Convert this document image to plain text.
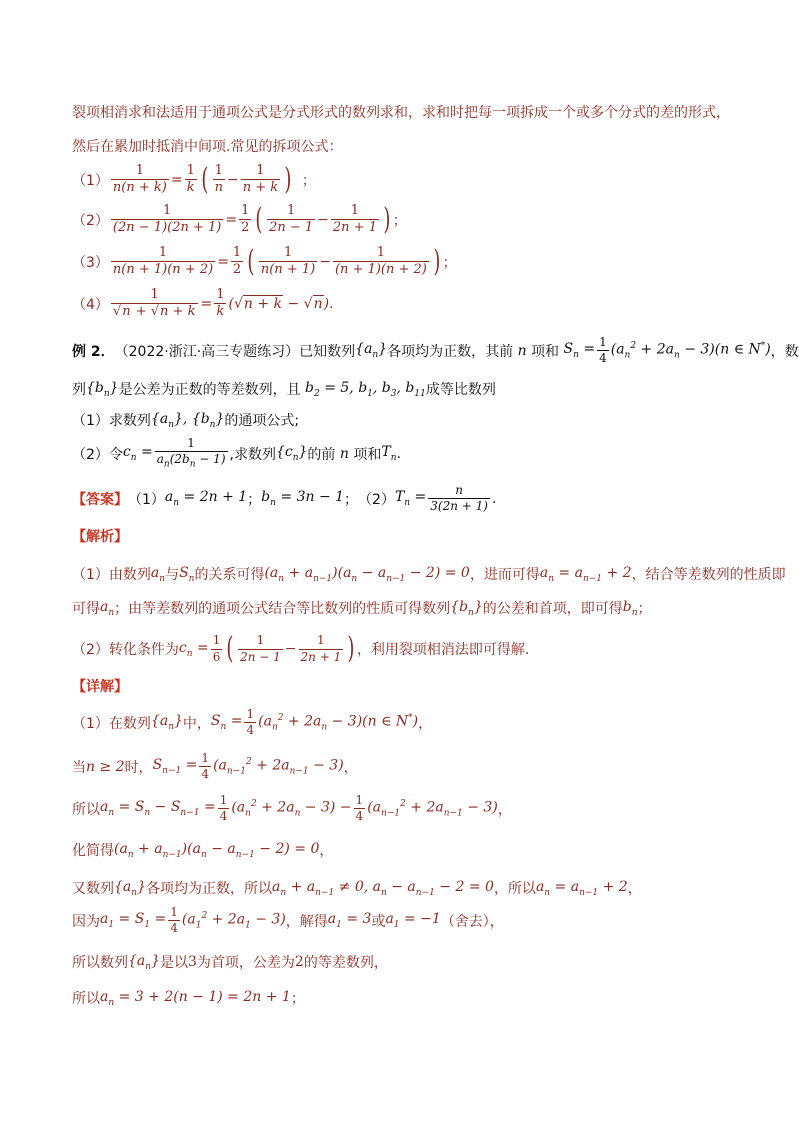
裂项相消求和法适用于通项公式是分式形式的数列求和，求和时把每一项拆成一个或多个分式的差的形式，
然后在累加时抵消中间项.常见的拆项公式：
$(1) \frac{1}{n(n + k)} = \frac{1}{k}$ ( $\frac{1}{n} - \frac{1}{n + k}$ ) ；
$(2) \frac{1}{(2n - 1)(2n + 1)} = \frac{1}{2}$ ( $\frac{1}{2n - 1} - \frac{1}{2n + 1}$ ) ；
$(3) \frac{1}{n(n + 1)(n + 2)} = \frac{1}{2}$ ( $\frac{1}{n(n + 1)} - \frac{1}{(n + 1)(n + 2)}$ ) ；
$(4) \frac{1}{√n + √n + k} = \frac{1}{k} (√n + k - √n)$ .
例 2． （2022·浙江·高三专题练习） 已知数列 $\{a_n\}$ 各项均为正数，其前 n 项和 $S_n = \frac{1}{4} (a_n^2 + 2a_n - 3)(n$ ∈ N*) ，数
列 $\{b_n\}$ 是公差为正数的等差数列，且 $b_2 = 5$, $b_1$, $b_3$, $b_{11}$ 成等比数列
（1）求数列 $\{a_n\}$, $\{b_n\}$ 的通项公式;
（2）令 $c_n = \frac{1}{a_n(2b_n - 1)}$ ,求数列 $\{c_n\}$ 的前 n 项和 $T_n$ .
【答案】 （1） $a_n = 2n + 1$ ； $b_n = 3n - 1$ ； （2） $T_n = \frac{n}{3(2n + 1)}$ .
【解析】
（1）由数列 $a_n$ 与 $S_n$ 的关系可得 $(a_n + a_{n-1})(a_n - a_{n-1} - 2) = 0$ ，进而可得 $a_n = a_{n-1} + 2$ ，结合等差数列的性质即
可得 $a_n$ ；由等差数列的通项公式结合等比数列的性质可得数列 $\{b_n\}$ 的公差和首项，即可得 $b_n$ ；
（2）转化条件为 $c_n = \frac{1}{6}$ ( $\frac{1}{2n - 1} - \frac{1}{2n + 1}$ ) ，利用裂项相消法即可得解.
【详解】
（1）在数列 $\{a_n\}$ 中， $S_n = \frac{1}{4} (a_n^2 + 2a_n - 3)(n$ ∈ N*) ，
当 n ≥ 2 时， $S_{n-1} = \frac{1}{4} (a_{n-1}^2 + 2a_{n-1} - 3)$ ，
所以 $a_n = S_n - S_{n-1} = \frac{1}{4} (a_n^2 + 2a_n - 3) - \frac{1}{4} (a_{n-1}^2 + 2a_{n-1} - 3)$ ，
化简得 $(a_n + a_{n-1})(a_n - a_{n-1} - 2) = 0$ ，
又数列 $\{a_n\}$ 各项均为正数，所以 $a_n + a_{n-1} \ne 0$, $a_n - a_{n-1} - 2 = 0$ ，所以 $a_n = a_{n-1} + 2$ ，
因为 $a_1 = S_1 = \frac{1}{4} (a_1^2 + 2a_1 - 3)$ ，解得 $a_1 = 3$ 或 $a_1 = -1$ （舍去），
所以数列 $\{a_n\}$ 是以 3 为首项，公差为 2 的等差数列，
所以 $a_n = 3 + 2(n - 1) = 2n + 1$ ；
